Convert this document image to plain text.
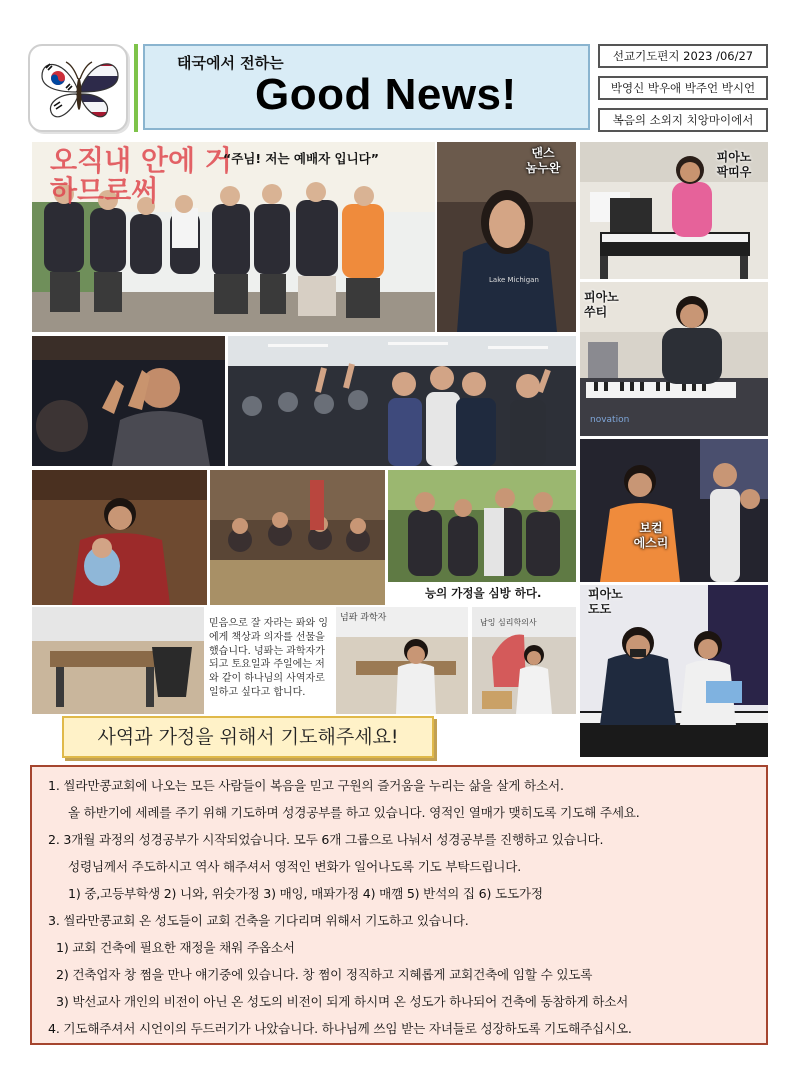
태국에서 전하는
Good News!
선교기도편지 2023 /06/27
박영신 박우애 박주언 박시언
복음의 소외지 치앙마이에서
오직내 안에 거하므로써
“주님! 저는 예배자 입니다”
Lake Michigan
댄스
놈누완
피아노
팍띠우
novation
피아노
쑤티
능의 가정을 심방 하다.
보컬
에스리
믿음으로 잘 자라는 퐈와 잉에게 책상과 의자를 선물을 했습니다. 넝퐈는 과학자가 되고 토요일과 주일에는 저와 같이 하나님의 사역자로 일하고 싶다고 합니다.
넘퐈 과학자	남잉 심리학의사
피아노
도도
사역과 가정을 위해서 기도해주세요!
1. 씰라만콩교회에 나오는 모든 사람들이 복음을 믿고 구원의 즐거움을 누리는 삶을 살게 하소서.
올 하반기에 세례를 주기 위해 기도하며 성경공부를 하고 있습니다. 영적인 열매가 맺히도록 기도해 주세요.
2. 3개월 과정의 성경공부가 시작되었습니다. 모두 6개 그룹으로 나눠서 성경공부를 진행하고 있습니다.
성령님께서 주도하시고 역사 해주셔서 영적인 변화가 일어나도록 기도 부탁드립니다.
1) 중,고등부학생 2) 니와, 위숫가정 3) 매잉, 매퐈가정 4) 매깸 5) 반석의 집 6) 도도가정
3. 씰라만콩교회 온 성도들이 교회 건축을 기다리며 위해서 기도하고 있습니다.
1) 교회 건축에 필요한 재정을 채워 주옵소서
2) 건축업자 창 쩜을 만나 얘기중에 있습니다. 창 쩜이 정직하고 지혜롭게 교회건축에 임할 수 있도록
3) 박선교사 개인의 비전이 아닌 온 성도의 비전이 되게 하시며 온 성도가 하나되어 건축에 동참하게 하소서
4. 기도해주셔서 시언이의 두드러기가 나았습니다. 하나님께 쓰임 받는 자녀들로 성장하도록 기도해주십시오.
